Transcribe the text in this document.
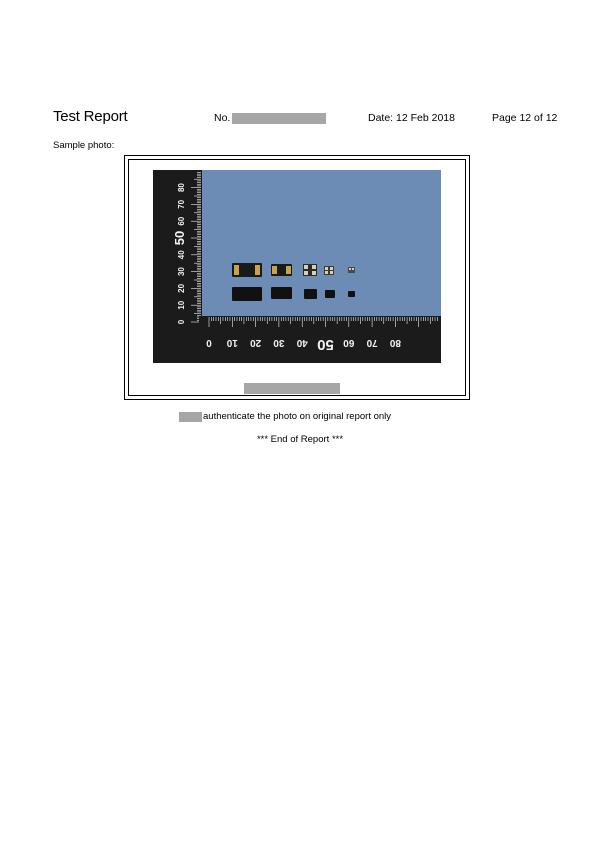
Test Report	No.	Date: 12 Feb 2018	Page 12 of 12
Sample photo:
0
10
20
30
40
50
60
70
80
0 10 20 30 40 50 60 70 80
authenticate the photo on original report only
*** End of Report ***
